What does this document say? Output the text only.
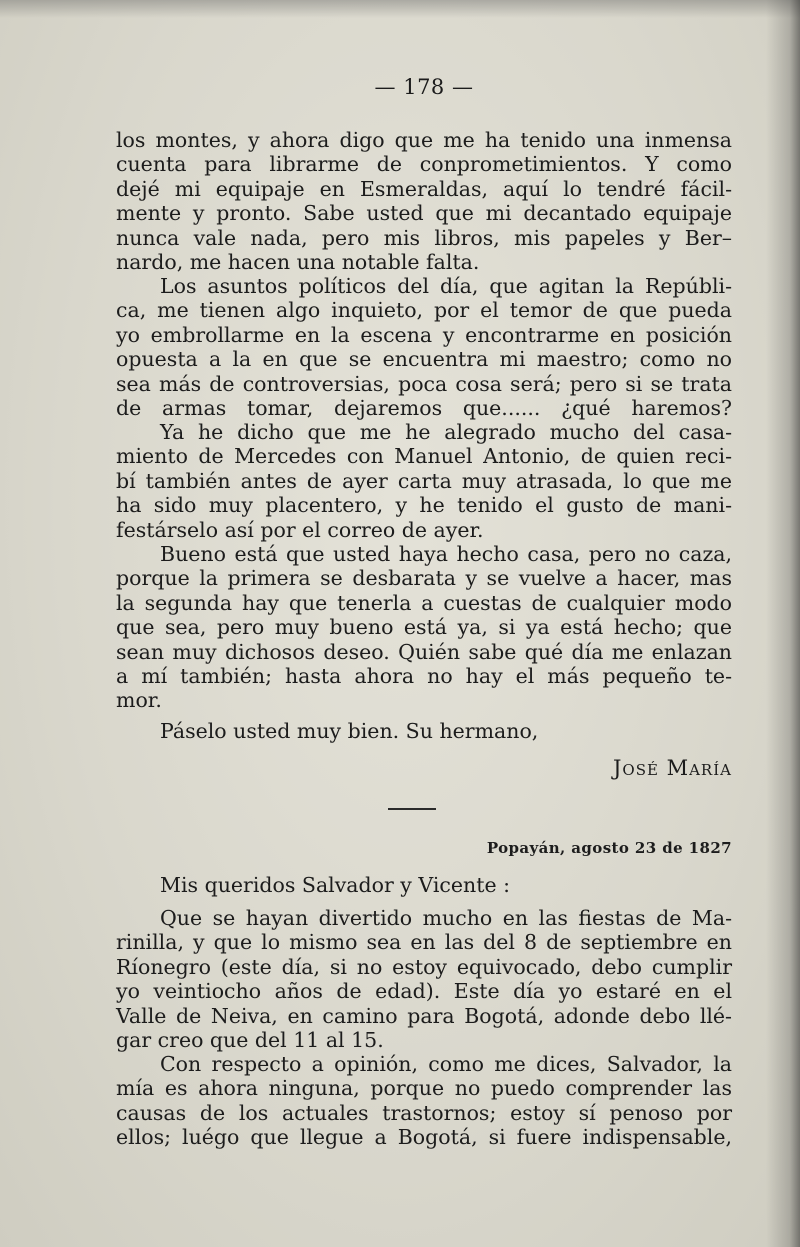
— 178 —
los montes, y ahora digo que me ha tenido una inmensa
cuenta para librarme de conprometimientos. Y como
dejé mi equipaje en Esmeraldas, aquí lo tendré fácil-
mente y pronto. Sabe usted que mi decantado equipaje
nunca vale nada, pero mis libros, mis papeles y Ber–
nardo, me hacen una notable falta.
Los asuntos políticos del día, que agitan la Repúbli-
ca, me tienen algo inquieto, por el temor de que pueda
yo embrollarme en la escena y encontrarme en posición
opuesta a la en que se encuentra mi maestro; como no
sea más de controversias, poca cosa será; pero si se trata
de armas tomar, dejaremos que...... ¿qué haremos?
Ya he dicho que me he alegrado mucho del casa-
miento de Mercedes con Manuel Antonio, de quien reci-
bí también antes de ayer carta muy atrasada, lo que me
ha sido muy placentero, y he tenido el gusto de mani-
festárselo así por el correo de ayer.
Bueno está que usted haya hecho casa, pero no caza,
porque la primera se desbarata y se vuelve a hacer, mas
la segunda hay que tenerla a cuestas de cualquier modo
que sea, pero muy bueno está ya, si ya está hecho; que
sean muy dichosos deseo. Quién sabe qué día me enlazan
a mí también; hasta ahora no hay el más pequeño te-
mor.
Páselo usted muy bien. Su hermano,
José María
Popayán, agosto 23 de 1827
Mis queridos Salvador y Vicente :
Que se hayan divertido mucho en las fiestas de Ma-
rinilla, y que lo mismo sea en las del 8 de septiembre en
Ríonegro (este día, si no estoy equivocado, debo cumplir
yo veintiocho años de edad). Este día yo estaré en el
Valle de Neiva, en camino para Bogotá, adonde debo llé-
gar creo que del 11 al 15.
Con respecto a opinión, como me dices, Salvador, la
mía es ahora ninguna, porque no puedo comprender las
causas de los actuales trastornos; estoy sí penoso por
ellos; luégo que llegue a Bogotá, si fuere indispensable,
